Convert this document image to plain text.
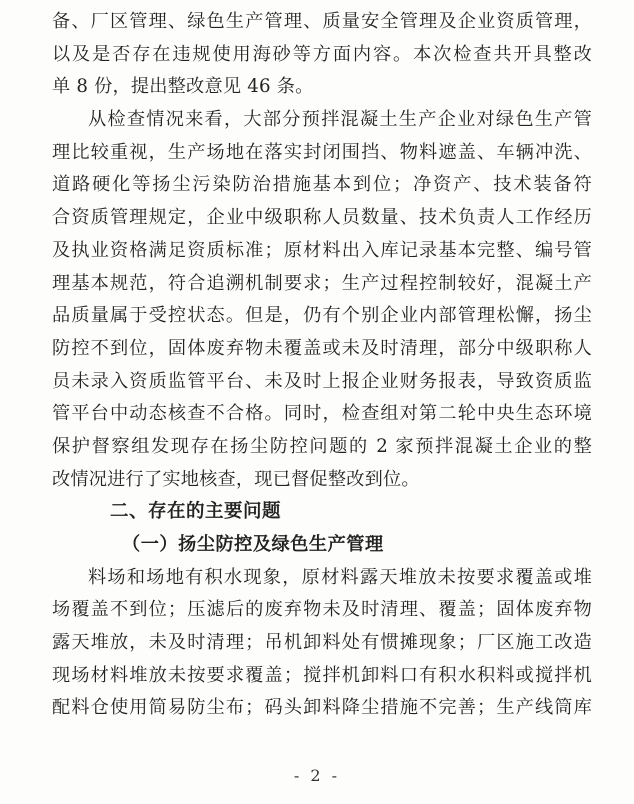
备、厂区管理、绿色生产管理、质量安全管理及企业资质管理，
以及是否存在违规使用海砂等方面内容。本次检查共开具整改
单 8 份，提出整改意见 46 条。
从检查情况来看，大部分预拌混凝土生产企业对绿色生产管
理比较重视，生产场地在落实封闭围挡、物料遮盖、车辆冲洗、
道路硬化等扬尘污染防治措施基本到位；净资产、技术装备符
合资质管理规定，企业中级职称人员数量、技术负责人工作经历
及执业资格满足资质标准；原材料出入库记录基本完整、编号管
理基本规范，符合追溯机制要求；生产过程控制较好，混凝土产
品质量属于受控状态。但是，仍有个别企业内部管理松懈，扬尘
防控不到位，固体废弃物未覆盖或未及时清理，部分中级职称人
员未录入资质监管平台、未及时上报企业财务报表，导致资质监
管平台中动态核查不合格。同时，检查组对第二轮中央生态环境
保护督察组发现存在扬尘防控问题的 2 家预拌混凝土企业的整
改情况进行了实地核查，现已督促整改到位。
二、存在的主要问题
（一）扬尘防控及绿色生产管理
料场和场地有积水现象，原材料露天堆放未按要求覆盖或堆
场覆盖不到位；压滤后的废弃物未及时清理、覆盖；固体废弃物
露天堆放，未及时清理；吊机卸料处有惯摊现象；厂区施工改造
现场材料堆放未按要求覆盖；搅拌机卸料口有积水积料或搅拌机
配料仓使用简易防尘布；码头卸料降尘措施不完善；生产线筒库
- 2 -
